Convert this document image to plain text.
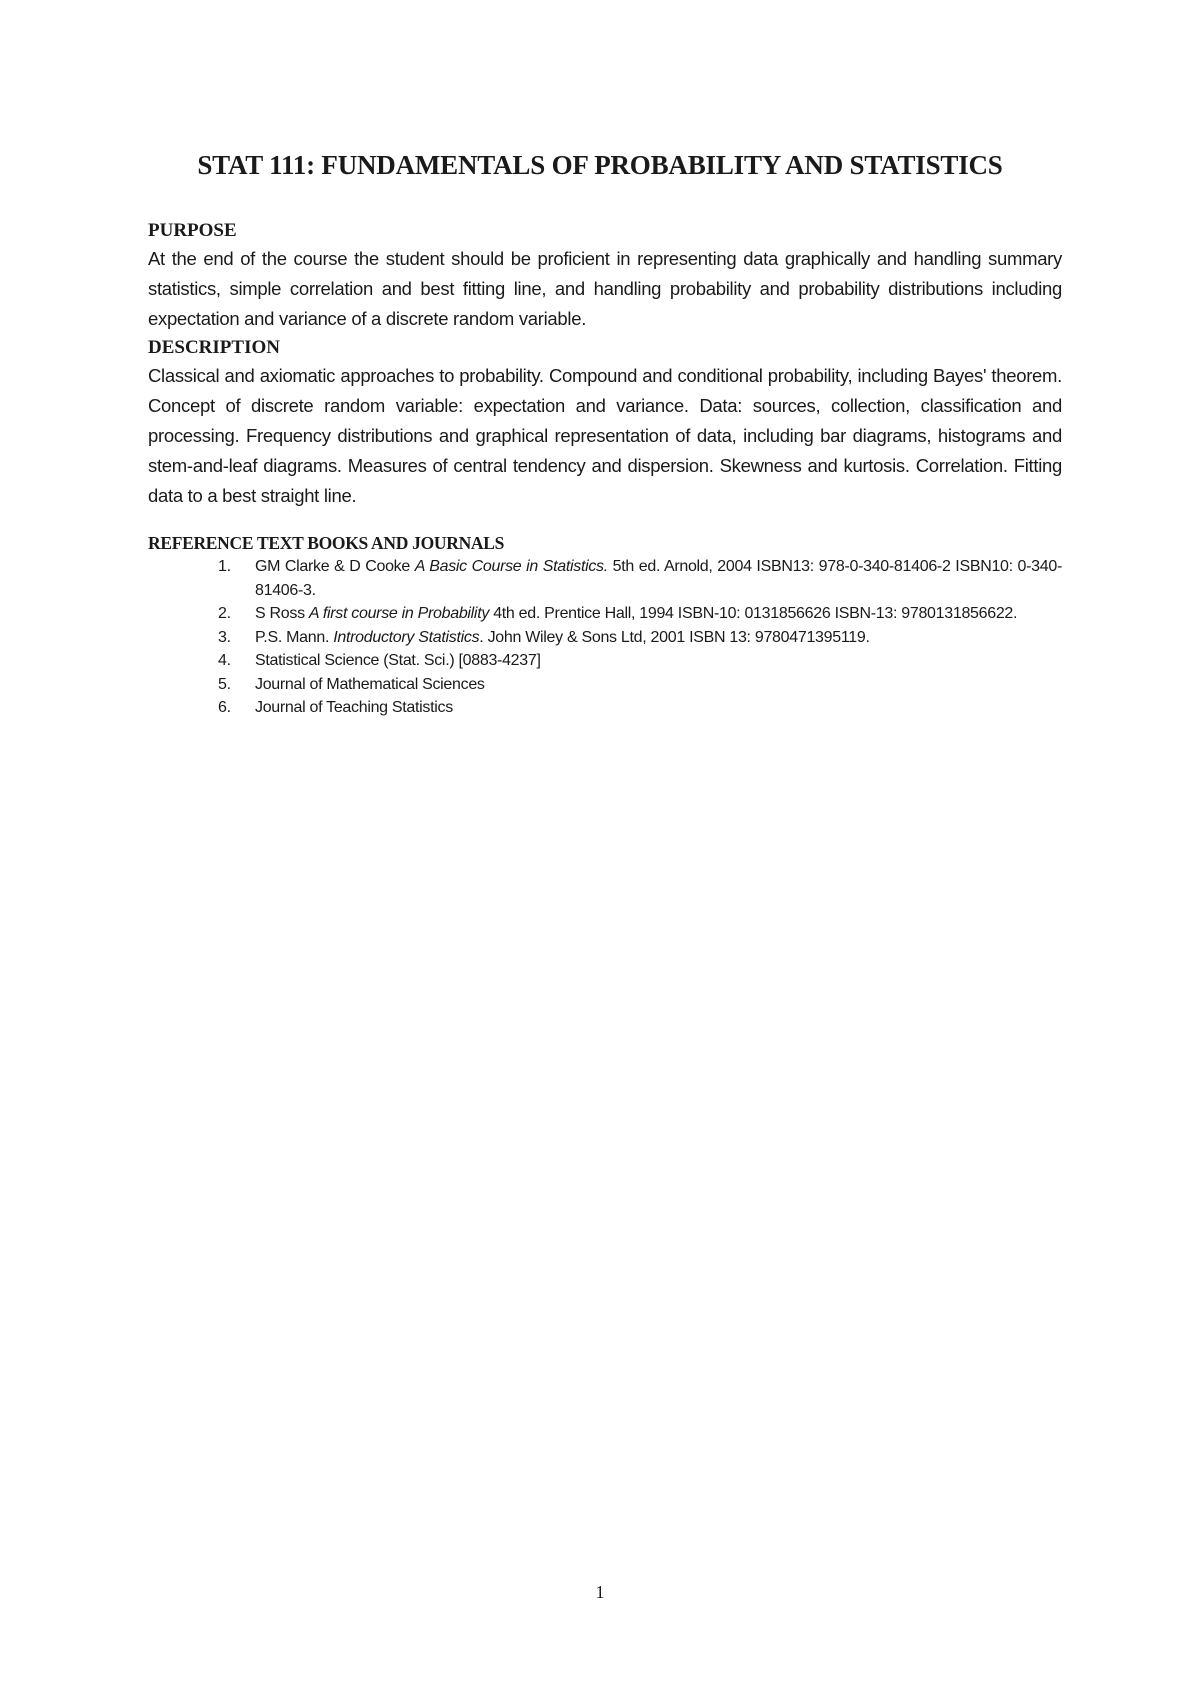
STAT 111: FUNDAMENTALS OF PROBABILITY AND STATISTICS

PURPOSE

At the end of the course the student should be proficient in representing data graphically and handling summary statistics, simple correlation and best fitting line, and handling probability and probability distributions including expectation and variance of a discrete random variable.

DESCRIPTION

Classical and axiomatic approaches to probability. Compound and conditional probability, including Bayes' theorem. Concept of discrete random variable: expectation and variance. Data: sources, collection, classification and processing. Frequency distributions and graphical representation of data, including bar diagrams, histograms and stem-and-leaf diagrams. Measures of central tendency and dispersion. Skewness and kurtosis. Correlation. Fitting data to a best straight line.

REFERENCE TEXT BOOKS AND JOURNALS

1. GM Clarke & D Cooke A Basic Course in Statistics. 5th ed. Arnold, 2004 ISBN13: 978-0-340-81406-2 ISBN10: 0-340-81406-3.
2. S Ross A first course in Probability 4th ed. Prentice Hall, 1994 ISBN-10: 0131856626 ISBN-13: 9780131856622.
3. P.S. Mann. Introductory Statistics. John Wiley & Sons Ltd, 2001 ISBN 13: 9780471395119.
4. Statistical Science (Stat. Sci.) [0883-4237]
5. Journal of Mathematical Sciences
6. Journal of Teaching Statistics
1
